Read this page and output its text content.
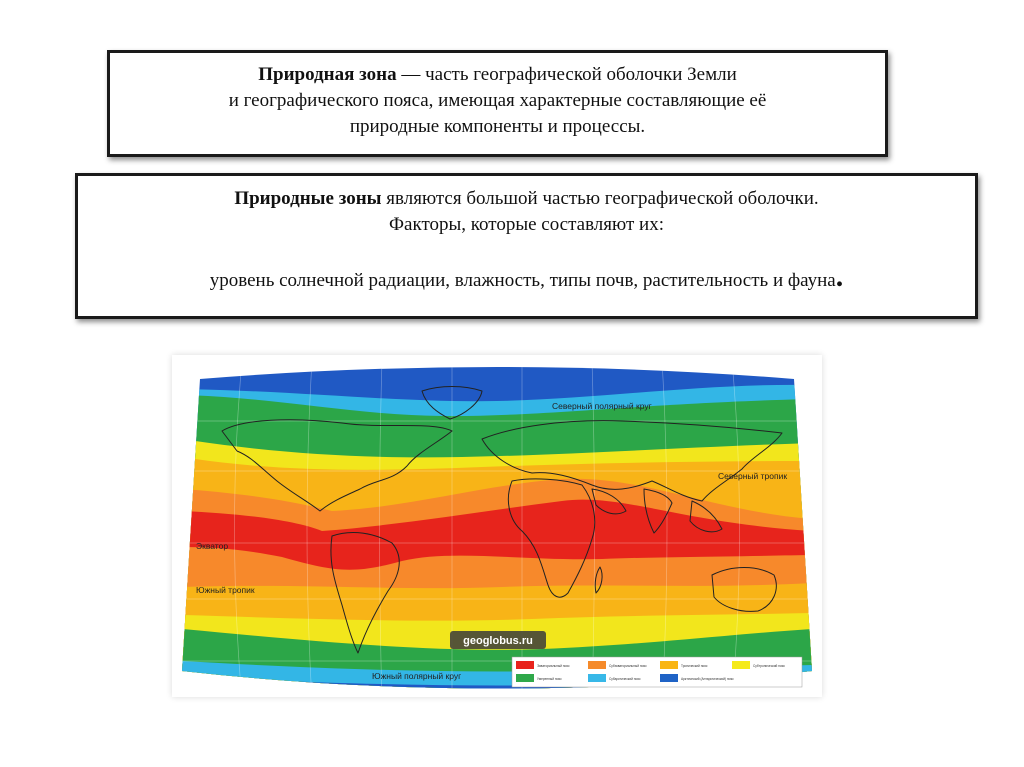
Природная зона — часть географической оболочки Земли
и географического пояса, имеющая характерные составляющие её
природные компоненты и процессы.
Природные зоны являются большой частью географической оболочки.
Факторы, которые составляют их:
уровень солнечной радиации, влажность, типы почв, растительность и фауна.
Северный полярный круг
Северный тропик
Экватор
Южный тропик
Южный полярный круг
geoglobus.ru
Экваториальный пояс	Субэкваториальный пояс	Тропический пояс	Субтропический пояс
Умеренный пояс	Субарктический пояс	Арктический (Антарктический) пояс
